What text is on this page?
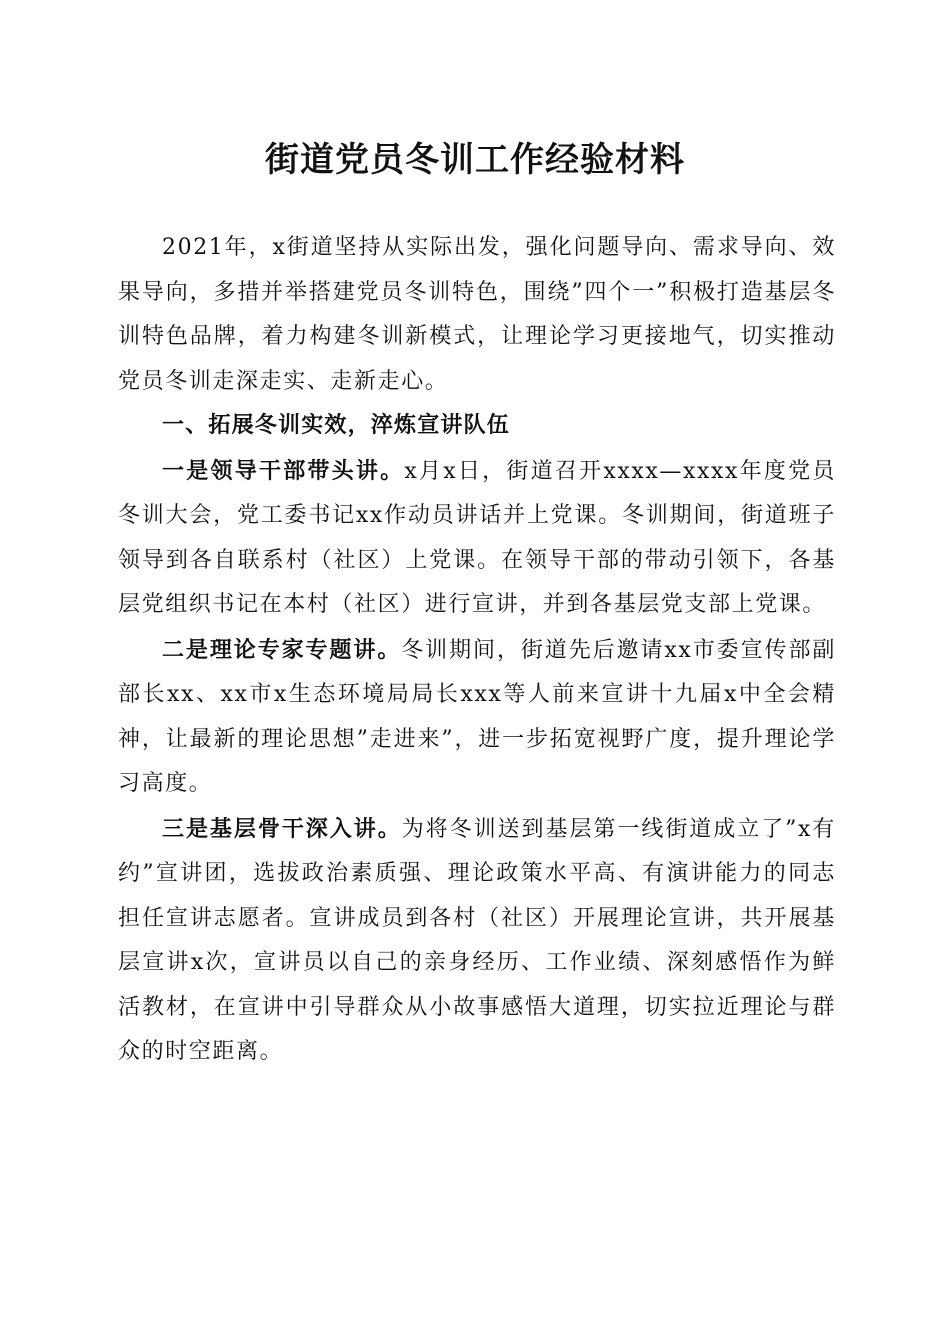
街道党员冬训工作经验材料

2021年，x街道坚持从实际出发，强化问题导向、需求导向、效果导向，多措并举搭建党员冬训特色，围绕”四个一”积极打造基层冬训特色品牌，着力构建冬训新模式，让理论学习更接地气，切实推动党员冬训走深走实、走新走心。

一、拓展冬训实效，淬炼宣讲队伍

一是领导干部带头讲。x月x日，街道召开xxxx—xxxx年度党员冬训大会，党工委书记xx作动员讲话并上党课。冬训期间，街道班子领导到各自联系村（社区）上党课。在领导干部的带动引领下，各基层党组织书记在本村（社区）进行宣讲，并到各基层党支部上党课。

二是理论专家专题讲。冬训期间，街道先后邀请xx市委宣传部副部长xx、xx市x生态环境局局长xxx等人前来宣讲十九届x中全会精神，让最新的理论思想”走进来”，进一步拓宽视野广度，提升理论学习高度。

三是基层骨干深入讲。为将冬训送到基层第一线街道成立了”x有约”宣讲团，选拔政治素质强、理论政策水平高、有演讲能力的同志担任宣讲志愿者。宣讲成员到各村（社区）开展理论宣讲，共开展基层宣讲x次，宣讲员以自己的亲身经历、工作业绩、深刻感悟作为鲜活教材，在宣讲中引导群众从小故事感悟大道理，切实拉近理论与群众的时空距离。
